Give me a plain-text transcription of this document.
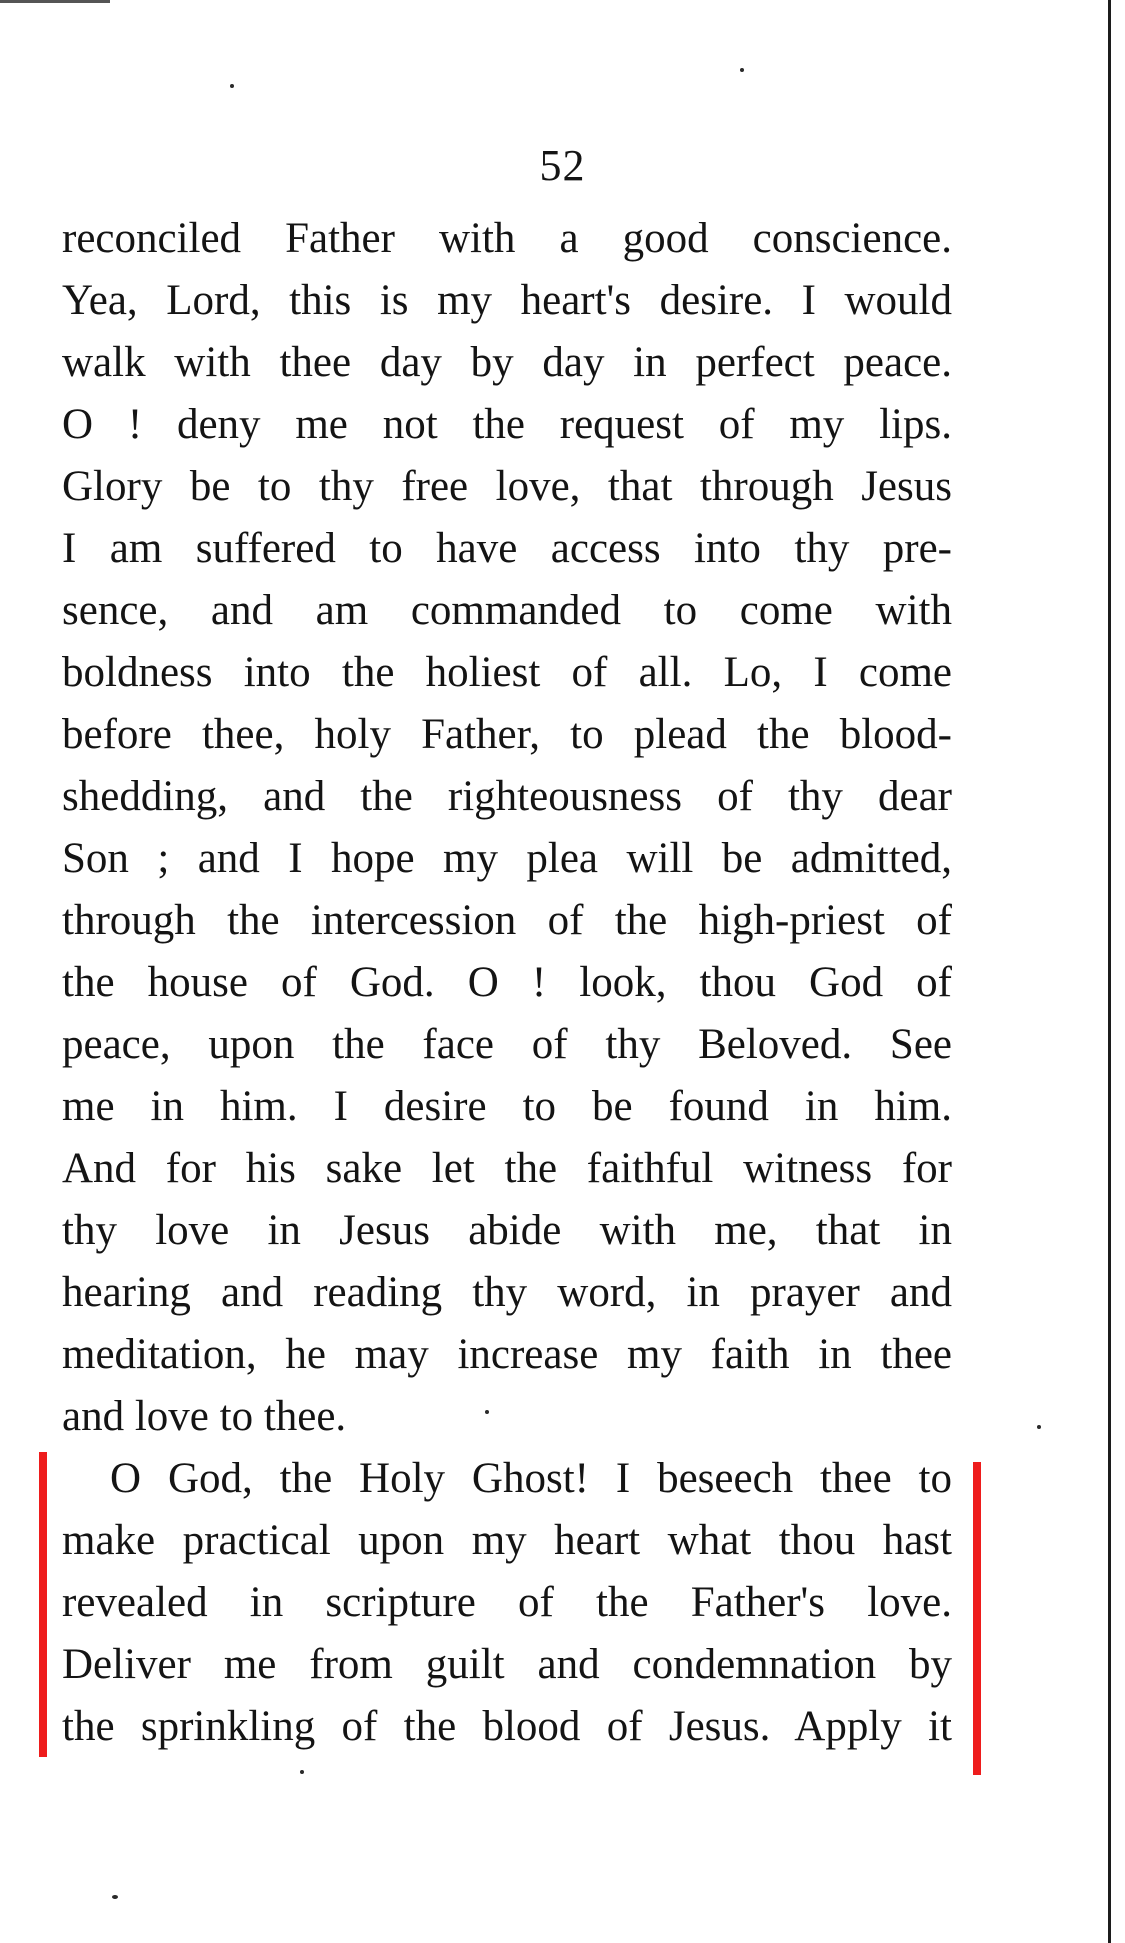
52
reconciled Father with a good conscience.
Yea, Lord, this is my heart's desire. I would
walk with thee day by day in perfect peace.
O ! deny me not the request of my lips.
Glory be to thy free love, that through Jesus
I am suffered to have access into thy pre-
sence, and am commanded to come with
boldness into the holiest of all. Lo, I come
before thee, holy Father, to plead the blood-
shedding, and the righteousness of thy dear
Son ; and I hope my plea will be admitted,
through the intercession of the high-priest of
the house of God. O ! look, thou God of
peace, upon the face of thy Beloved. See
me in him. I desire to be found in him.
And for his sake let the faithful witness for
thy love in Jesus abide with me, that in
hearing and reading thy word, in prayer and
meditation, he may increase my faith in thee
and love to thee.
O God, the Holy Ghost! I beseech thee to
make practical upon my heart what thou hast
revealed in scripture of the Father's love.
Deliver me from guilt and condemnation by
the sprinkling of the blood of Jesus. Apply it
